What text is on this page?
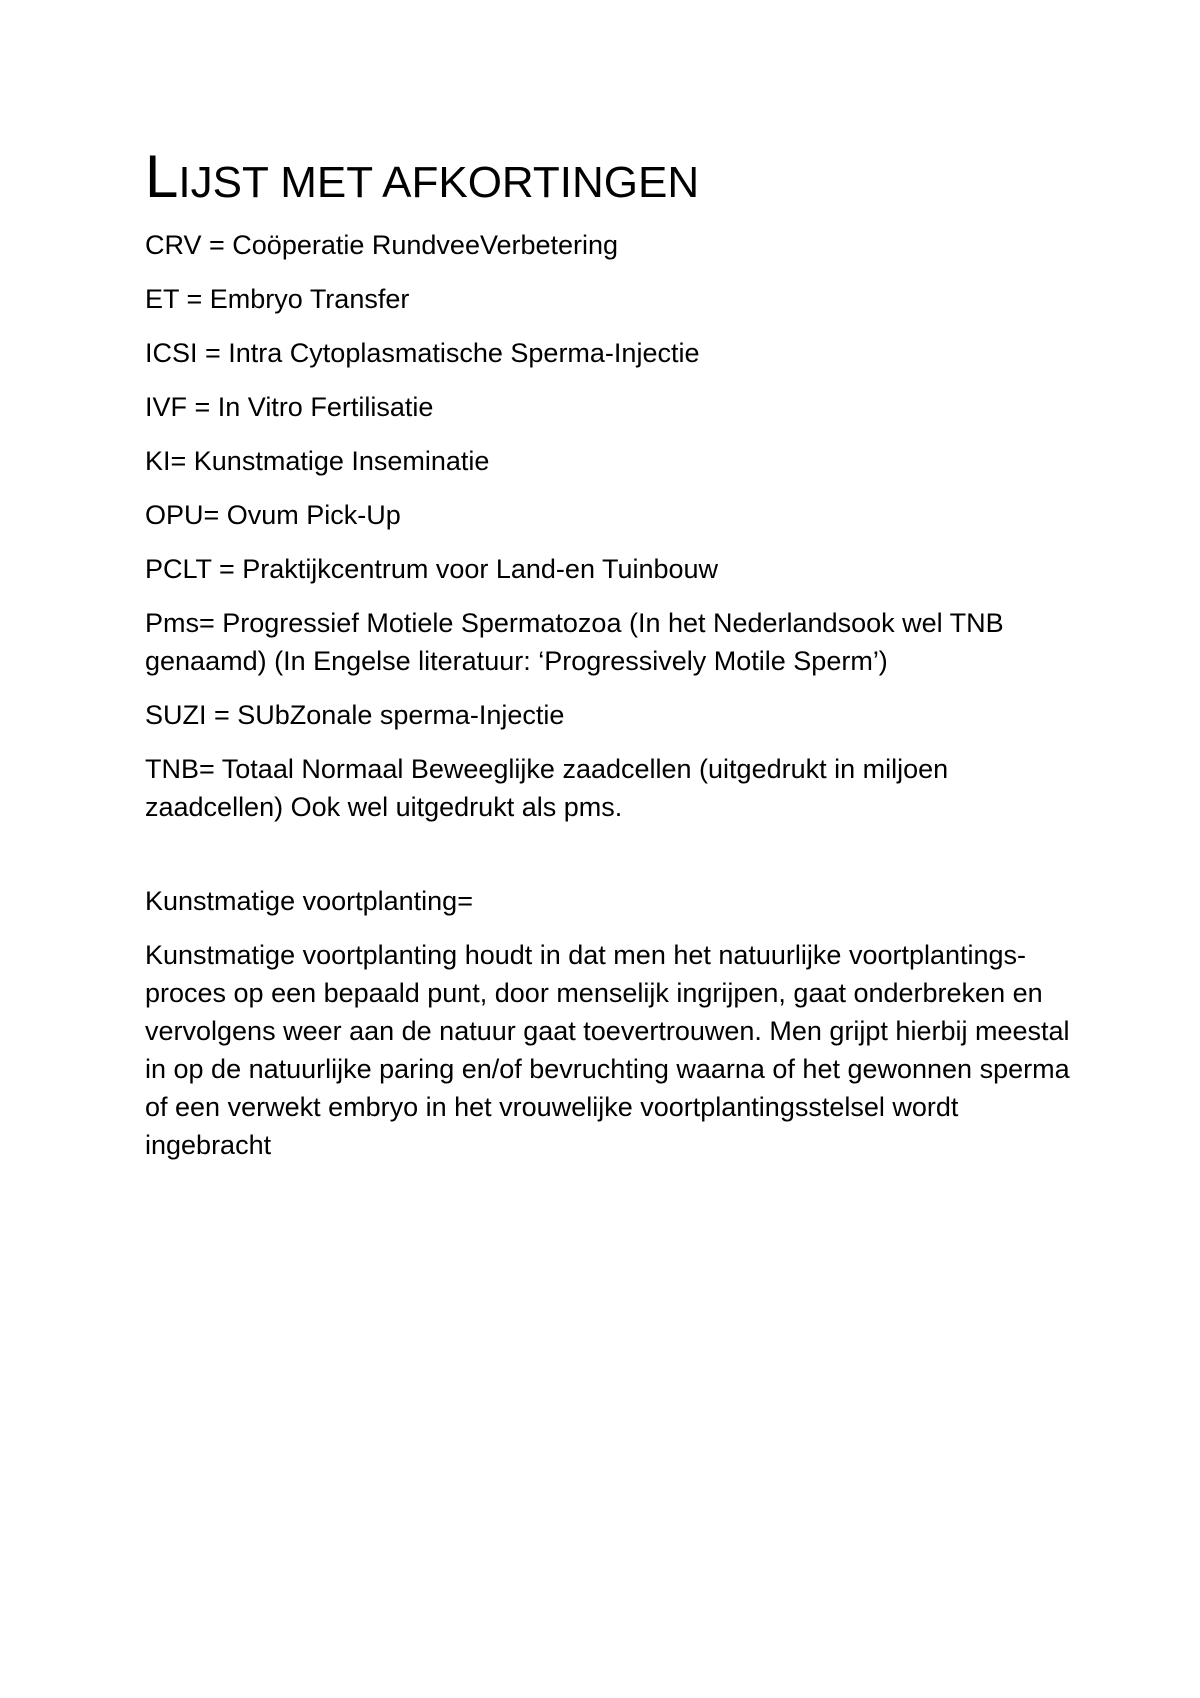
LIJST MET AFKORTINGEN
CRV = Coöperatie RundveeVerbetering
ET = Embryo Transfer
ICSI = Intra Cytoplasmatische Sperma-Injectie
IVF = In Vitro Fertilisatie
KI= Kunstmatige Inseminatie
OPU= Ovum Pick-Up
PCLT = Praktijkcentrum voor Land-en Tuinbouw
Pms= Progressief Motiele Spermatozoa (In het Nederlandsook wel TNB genaamd) (In Engelse literatuur: ‘Progressively Motile Sperm’)
SUZI = SUbZonale sperma-Injectie
TNB= Totaal Normaal Beweeglijke zaadcellen (uitgedrukt in miljoen zaadcellen) Ook wel uitgedrukt als pms.
Kunstmatige voortplanting=

Kunstmatige voortplanting houdt in dat men het natuurlijke voortplantings-proces op een bepaald punt, door menselijk ingrijpen, gaat onderbreken en vervolgens weer aan de natuur gaat toevertrouwen. Men grijpt hierbij meestal in op de natuurlijke paring en/of bevruchting waarna of het gewonnen sperma of een verwekt embryo in het vrouwelijke voortplantingsstelsel wordt ingebracht
